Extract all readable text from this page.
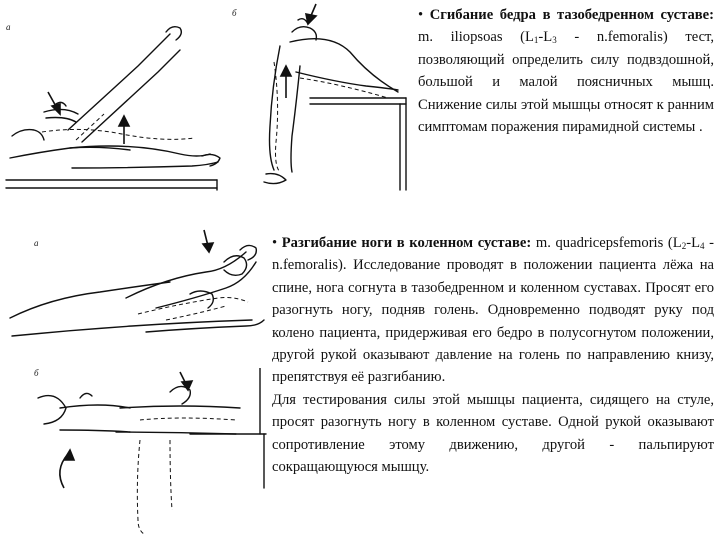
а
б	• Сгибание бедра в тазобедренном суставе: m. iliopsoas ($L_1-L_3$ - n.femoralis) тест, позволяющий определить силу подвздошной, большой и малой поясничных мышц. Снижение силы этой мышцы относят к ранним симптомам поражения пирамидной системы .

а
б

• Разгибание ноги в коленном суставе: m. quadricepsfemoris ($L_2-L_4$ - n.femoralis). Исследование проводят в положении пациента лёжа на спине, нога согнута в тазобедренном и коленном суставах. Просят его разогнуть ногу, подняв голень. Одновременно подводят руку под колено пациента, придерживая его бедро в полусогнутом положении, другой рукой оказывают давление на голень по направлению книзу, препятствуя её разгибанию.

Для тестирования силы этой мышцы пациента, сидящего на стуле, просят разогнуть ногу в коленном суставе. Одной рукой оказывают сопротивление этому движению, другой - пальпируют сокращающуюся мышцу.
